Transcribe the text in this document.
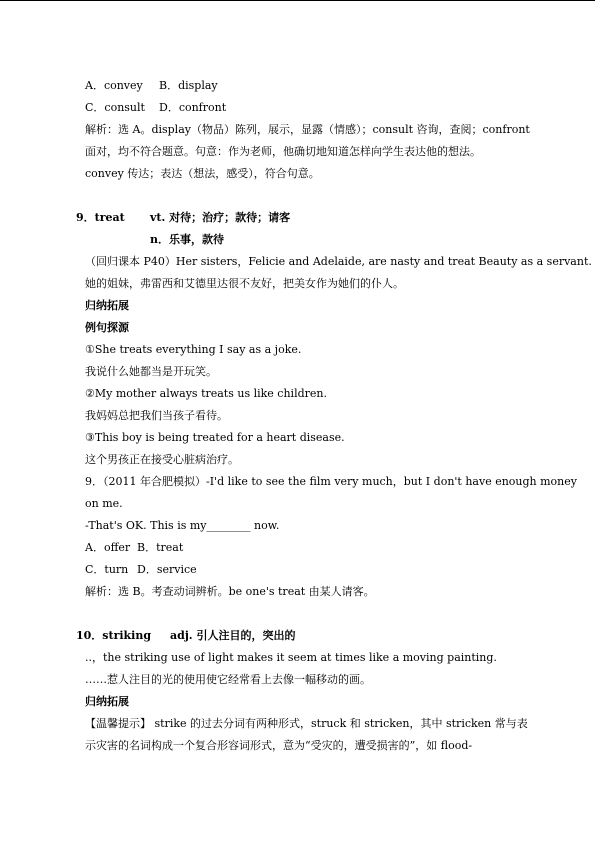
A．convey B．display
C．consult D．confront
解析：选 A。display（物品）陈列，展示，显露（情感）；consult 咨询，查阅；confront
面对，均不符合题意。句意：作为老师，他确切地知道怎样向学生表达他的想法。
convey 传达；表达（想法，感受），符合句意。
9．treat vt. 对待；治疗；款待；请客
n．乐事，款待
（回归课本 P40）Her sisters，Felicie and Adelaide, are nasty and treat Beauty as a servant.
她的姐妹，弗雷西和艾德里达很不友好，把美女作为她们的仆人。
归纳拓展
例句探源
①She treats everything I say as a joke.
我说什么她都当是开玩笑。
②My mother always treats us like children.
我妈妈总把我们当孩子看待。
③This boy is being treated for a heart disease.
这个男孩正在接受心脏病治疗。
9．（2011 年合肥模拟）-I'd like to see the film very much，but I don't have enough money
on me.
-That's OK. This is my________ now.
A．offer B．treat
C．turn D．service
解析：选 B。考查动词辨析。be one's treat 由某人请客。
10．striking adj. 引人注目的，突出的
..，the striking use of light makes it seem at times like a moving painting.
……惹人注目的光的使用使它经常看上去像一幅移动的画。
归纳拓展
【温馨提示】 strike 的过去分词有两种形式，struck 和 stricken，其中 stricken 常与表
示灾害的名词构成一个复合形容词形式，意为“受灾的，遭受损害的”，如 flood-
